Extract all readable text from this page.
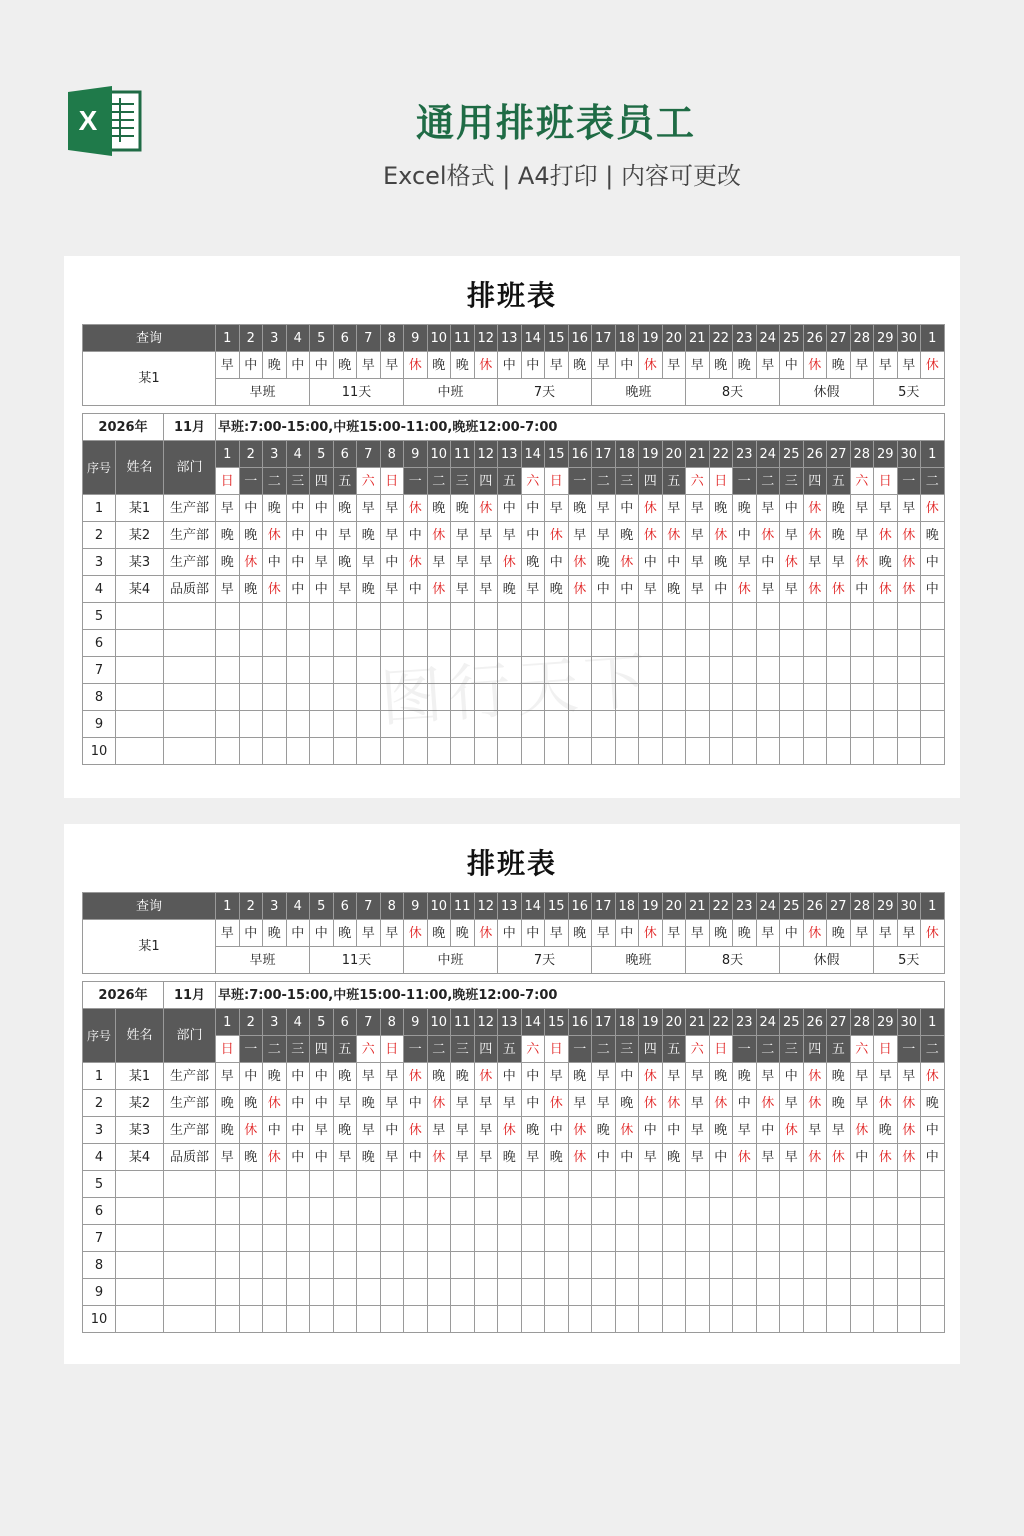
X	通用排班表员工
Excel格式 | A4打印 | 内容可更改
排班表
查询			1	2	3	4	5	6	7	8	9	10	11	12	13	14	15	16	17	18	19	20	21	22	23	24	25	26	27	28	29	30	1
某1			早	中	晚	中	中	晚	早	早	休	晚	晚	休	中	中	早	晚	早	中	休	早	早	晚	晚	早	中	休	晚	早	早	早	休
			早班				11天				中班				7天				晚班				8天				休假				5天		

2026年		11月	早班:7:00-15:00,中班15:00-11:00,晚班12:00-7:00																														
序号	姓名	部门	1	2	3	4	5	6	7	8	9	10	11	12	13	14	15	16	17	18	19	20	21	22	23	24	25	26	27	28	29	30	1
			日	一	二	三	四	五	六	日	一	二	三	四	五	六	日	一	二	三	四	五	六	日	一	二	三	四	五	六	日	一	二
1	某1	生产部	早	中	晚	中	中	晚	早	早	休	晚	晚	休	中	中	早	晚	早	中	休	早	早	晚	晚	早	中	休	晚	早	早	早	休
2	某2	生产部	晚	晚	休	中	中	早	晚	早	中	休	早	早	早	中	休	早	早	晚	休	休	早	休	中	休	早	休	晚	早	休	休	晚
3	某3	生产部	晚	休	中	中	早	晚	早	中	休	早	早	早	休	晚	中	休	晚	休	中	中	早	晚	早	中	休	早	早	休	晚	休	中
4	某4	品质部	早	晚	休	中	中	早	晚	早	中	休	早	早	晚	早	晚	休	中	中	早	晚	早	中	休	早	早	休	休	中	休	休	中
5																																	
6																																	
7																																	
8																																	
9																																	
10																																	
排班表
查询			1	2	3	4	5	6	7	8	9	10	11	12	13	14	15	16	17	18	19	20	21	22	23	24	25	26	27	28	29	30	1
某1			早	中	晚	中	中	晚	早	早	休	晚	晚	休	中	中	早	晚	早	中	休	早	早	晚	晚	早	中	休	晚	早	早	早	休
			早班				11天				中班				7天				晚班				8天				休假				5天		

2026年		11月	早班:7:00-15:00,中班15:00-11:00,晚班12:00-7:00																														
序号	姓名	部门	1	2	3	4	5	6	7	8	9	10	11	12	13	14	15	16	17	18	19	20	21	22	23	24	25	26	27	28	29	30	1
			日	一	二	三	四	五	六	日	一	二	三	四	五	六	日	一	二	三	四	五	六	日	一	二	三	四	五	六	日	一	二
1	某1	生产部	早	中	晚	中	中	晚	早	早	休	晚	晚	休	中	中	早	晚	早	中	休	早	早	晚	晚	早	中	休	晚	早	早	早	休
2	某2	生产部	晚	晚	休	中	中	早	晚	早	中	休	早	早	早	中	休	早	早	晚	休	休	早	休	中	休	早	休	晚	早	休	休	晚
3	某3	生产部	晚	休	中	中	早	晚	早	中	休	早	早	早	休	晚	中	休	晚	休	中	中	早	晚	早	中	休	早	早	休	晚	休	中
4	某4	品质部	早	晚	休	中	中	早	晚	早	中	休	早	早	晚	早	晚	休	中	中	早	晚	早	中	休	早	早	休	休	中	休	休	中
5																																	
6																																	
7																																	
8																																	
9																																	
10																																	
图行天下
